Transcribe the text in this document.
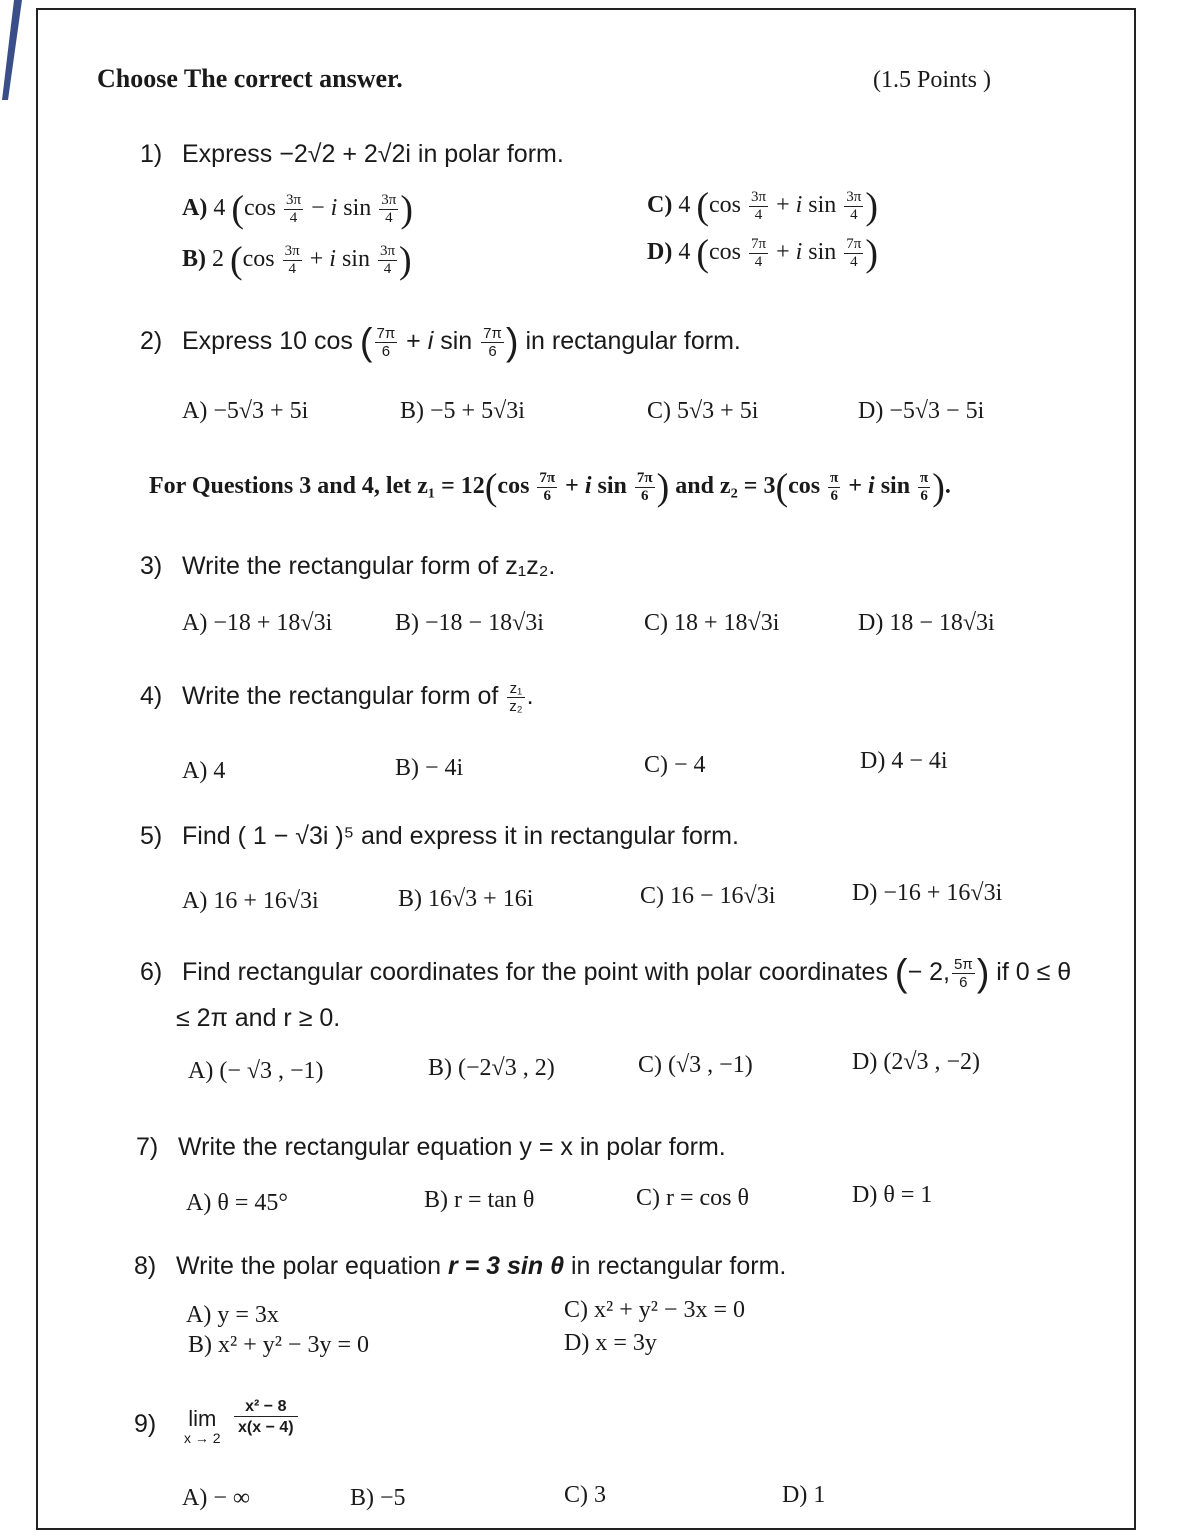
Choose The correct answer.	(1.5 Points )
1) Express −2√2 + 2√2i in polar form.
A) 4 ($\cos \frac{3\pi}{4} - i$ $\sin \frac{3\pi}{4}$ )
B) 2 ($\cos \frac{3\pi}{4} + i$ $\sin \frac{3\pi}{4}$ )
C) 4 ($\cos \frac{3\pi}{4} + i$ $\sin \frac{3\pi}{4}$ )
D) 4 ($\cos \frac{7\pi}{4} + i$ $\sin \frac{7\pi}{4}$ )
2) Express 10 cos ( $\frac{7\pi}{6} + i$ $\sin \frac{7\pi}{6}$ ) in rectangular form.
A) −5√3 + 5i	B) −5 + 5√3i	C) 5√3 + 5i	D) −5√3 − 5i
For Questions 3 and 4, let $z_1 = 12(\cos \frac{7\pi}{6} + i$ $\sin \frac{7\pi}{6}$ ) and $z_2 = 3(\cos \frac{\pi}{6} + i$ $\sin \frac{\pi}{6}$ ).
3) Write the rectangular form of z₁z₂.
A) −18 + 18√3i	B) −18 − 18√3i	C) 18 + 18√3i	D) 18 − 18√3i
4) Write the rectangular form of $\frac{\text{z₁}}{\text{z₂}}$ .
A) 4	B) − 4i	C) − 4	D) 4 − 4i
5) Find ( 1 − √3i )⁵ and express it in rectangular form.
A) 16 + 16√3i	B) 16√3 + 16i	C) 16 − 16√3i	D) −16 + 16√3i
6) Find rectangular coordinates for the point with polar coordinates (− 2, $\frac{5\pi}{6}$ ) if 0 ≤ θ
≤ 2π and r ≥ 0.
A) (− √3 , −1)	B) (−2√3 , 2)	C) (√3 , −1)	D) (2√3 , −2)
7) Write the rectangular equation y = x in polar form.
A) θ = 45°	B) r = tan θ	C) r = cos θ	D) θ = 1
8) Write the polar equation r = 3 sin θ in rectangular form.
A) y = 3x
B) x² + y² − 3y = 0
C) x² + y² − 3x = 0
D) x = 3y
9) lim
x → 2
x² − 8
x(x − 4)
A) − ∞	B) −5	C) 3	D) 1
